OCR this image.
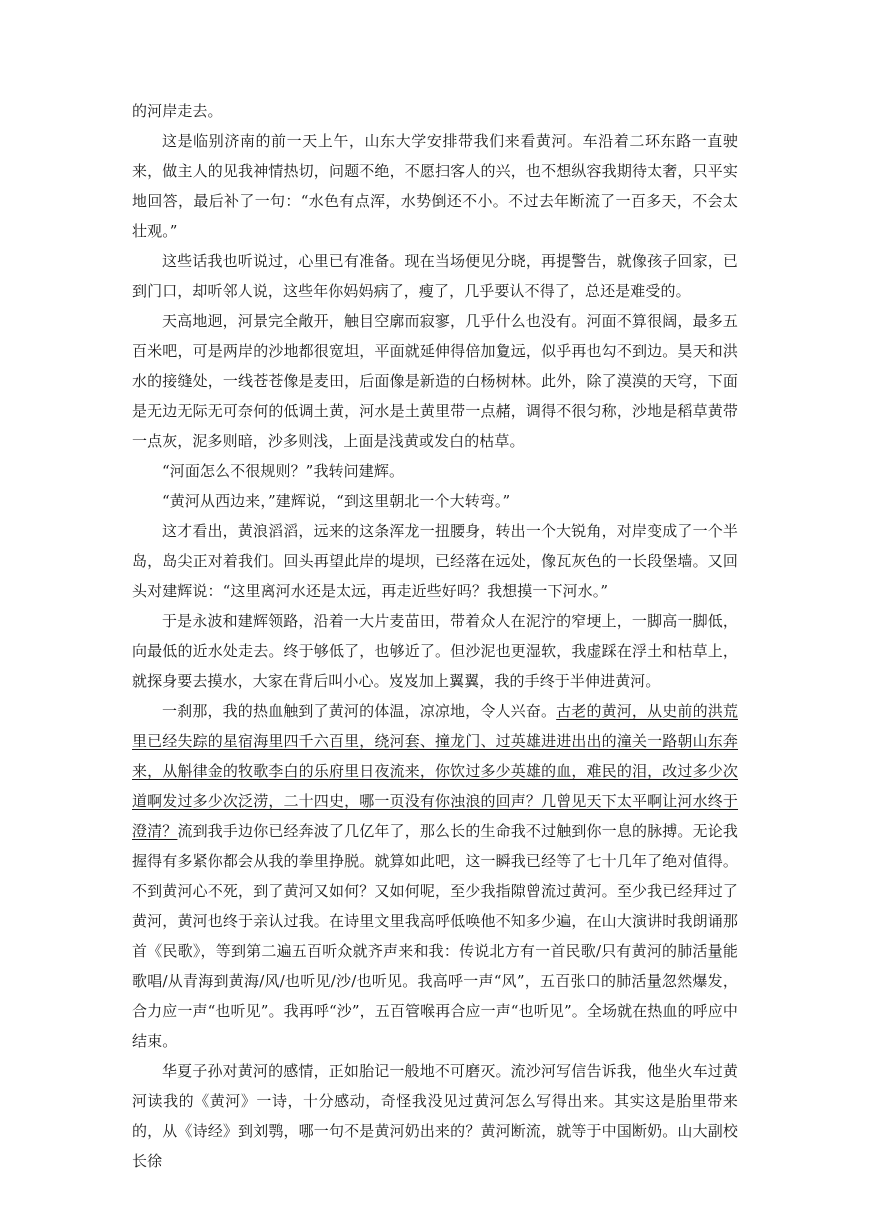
的河岸走去。

这是临别济南的前一天上午，山东大学安排带我们来看黄河。车沿着二环东路一直驶来，做主人的见我神情热切，问题不绝，不愿扫客人的兴，也不想纵容我期待太奢，只平实地回答，最后补了一句：“水色有点浑，水势倒还不小。不过去年断流了一百多天，不会太壮观。”

这些话我也听说过，心里已有准备。现在当场便见分晓，再提警告，就像孩子回家，已到门口，却听邻人说，这些年你妈妈病了，瘦了，几乎要认不得了，总还是难受的。

天高地迥，河景完全敞开，触目空廓而寂寥，几乎什么也没有。河面不算很阔，最多五百米吧，可是两岸的沙地都很宽坦，平面就延伸得倍加夐远，似乎再也勾不到边。昊天和洪水的接缝处，一线苍苍像是麦田，后面像是新造的白杨树林。此外，除了漠漠的天穹，下面是无边无际无可奈何的低调土黄，河水是土黄里带一点赭，调得不很匀称，沙地是稻草黄带一点灰，泥多则暗，沙多则浅，上面是浅黄或发白的枯草。

“河面怎么不很规则？”我转问建辉。

“黄河从西边来，”建辉说，“到这里朝北一个大转弯。”

这才看出，黄浪滔滔，远来的这条浑龙一扭腰身，转出一个大锐角，对岸变成了一个半岛，岛尖正对着我们。回头再望此岸的堤坝，已经落在远处，像瓦灰色的一长段堡墙。又回头对建辉说：“这里离河水还是太远，再走近些好吗？我想摸一下河水。”

于是永波和建辉领路，沿着一大片麦苗田，带着众人在泥泞的窄埂上，一脚高一脚低，向最低的近水处走去。终于够低了，也够近了。但沙泥也更湿软，我虚踩在浮土和枯草上，就探身要去摸水，大家在背后叫小心。岌岌加上翼翼，我的手终于半伸进黄河。

一刹那，我的热血触到了黄河的体温，凉凉地，令人兴奋。古老的黄河，从史前的洪荒里已经失踪的星宿海里四千六百里，绕河套、撞龙门、过英雄进进出出的潼关一路朝山东奔来，从斛律金的牧歌李白的乐府里日夜流来，你饮过多少英雄的血，难民的泪，改过多少次道啊发过多少次泛涝，二十四史，哪一页没有你浊浪的回声？几曾见天下太平啊让河水终于澄清？流到我手边你已经奔波了几亿年了，那么长的生命我不过触到你一息的脉搏。无论我握得有多紧你都会从我的拳里挣脱。就算如此吧，这一瞬我已经等了七十几年了绝对值得。不到黄河心不死，到了黄河又如何？又如何呢，至少我指隙曾流过黄河。至少我已经拜过了黄河，黄河也终于亲认过我。在诗里文里我高呼低唤他不知多少遍，在山大演讲时我朗诵那首《民歌》，等到第二遍五百听众就齐声来和我：传说北方有一首民歌/只有黄河的肺活量能歌唱/从青海到黄海/风/也听见/沙/也听见。我高呼一声“风”，五百张口的肺活量忽然爆发，合力应一声“也听见”。我再呼“沙”，五百管喉再合应一声“也听见”。全场就在热血的呼应中结束。

华夏子孙对黄河的感情，正如胎记一般地不可磨灭。流沙河写信告诉我，他坐火车过黄河读我的《黄河》一诗，十分感动，奇怪我没见过黄河怎么写得出来。其实这是胎里带来的，从《诗经》到刘鹗，哪一句不是黄河奶出来的？黄河断流，就等于中国断奶。山大副校长徐
